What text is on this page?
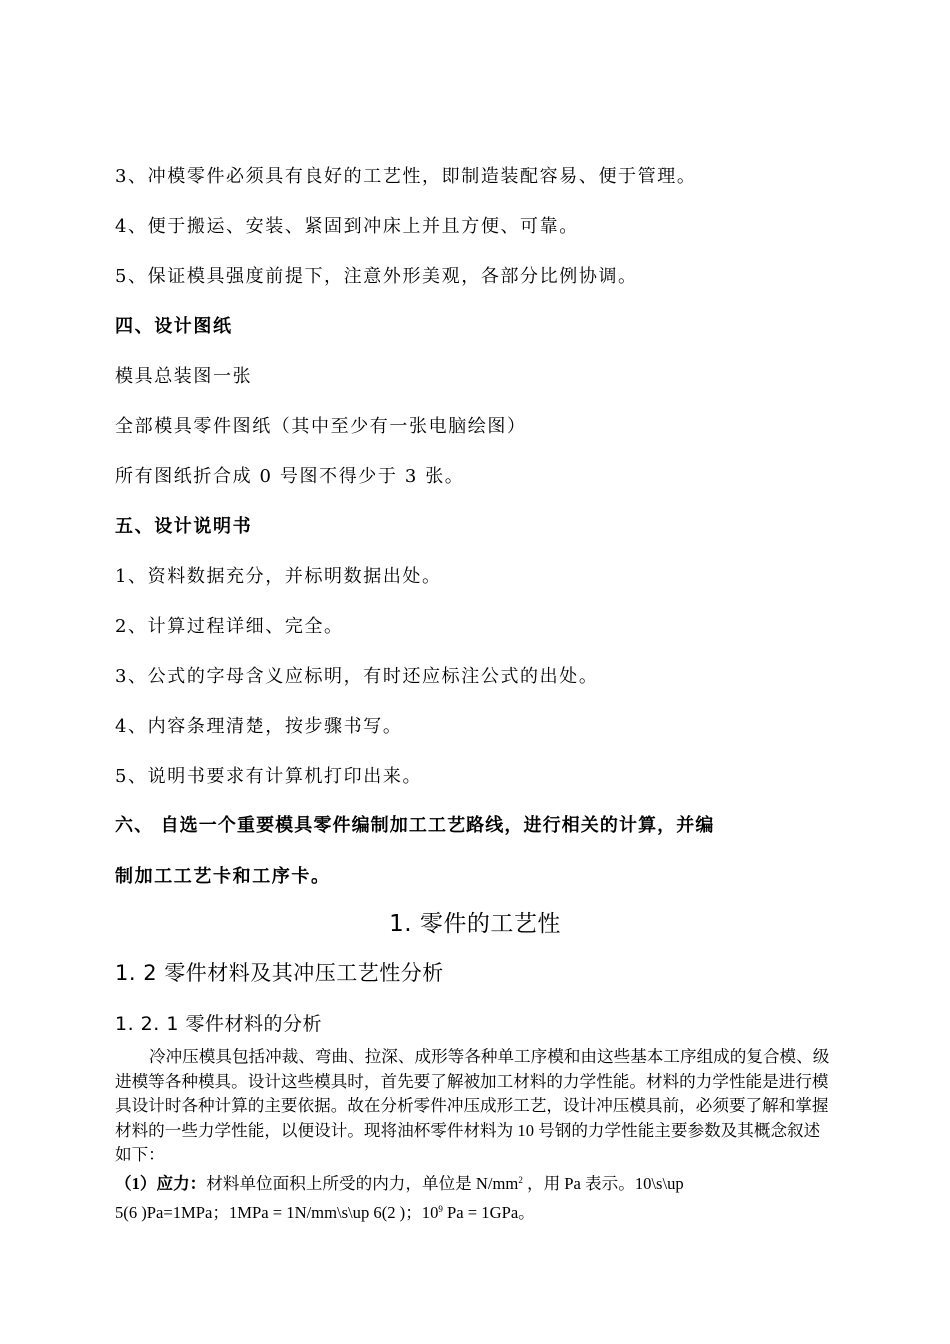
3、冲模零件必须具有良好的工艺性，即制造装配容易、便于管理。
4、便于搬运、安装、紧固到冲床上并且方便、可靠。
5、保证模具强度前提下，注意外形美观，各部分比例协调。
四、设计图纸
模具总装图一张
全部模具零件图纸（其中至少有一张电脑绘图）
所有图纸折合成 0 号图不得少于 3 张。
五、设计说明书
1、资料数据充分，并标明数据出处。
2、计算过程详细、完全。
3、公式的字母含义应标明，有时还应标注公式的出处。
4、内容条理清楚，按步骤书写。
5、说明书要求有计算机打印出来。
六、 自选一个重要模具零件编制加工工艺路线，进行相关的计算，并编
制加工工艺卡和工序卡。
1. 零件的工艺性
1. 2 零件材料及其冲压工艺性分析
1. 2. 1 零件材料的分析

冷冲压模具包括冲裁、弯曲、拉深、成形等各种单工序模和由这些基本工序组成的复合模、级进模等各种模具。设计这些模具时，首先要了解被加工材料的力学性能。材料的力学性能是进行模具设计时各种计算的主要依据。故在分析零件冲压成形工艺，设计冲压模具前，必须要了解和掌握材料的一些力学性能，以便设计。现将油杯零件材料为 10 号钢的力学性能主要参数及其概念叙述如下：

（1）应力：材料单位面积上所受的内力，单位是 $N/mm^2$ ，用 Pa 表示。10\s\up

5(6 )Pa=1MPa；1MPa = 1N/mm\s\up 6(2 )；$10^9$ Pa = 1GPa。
